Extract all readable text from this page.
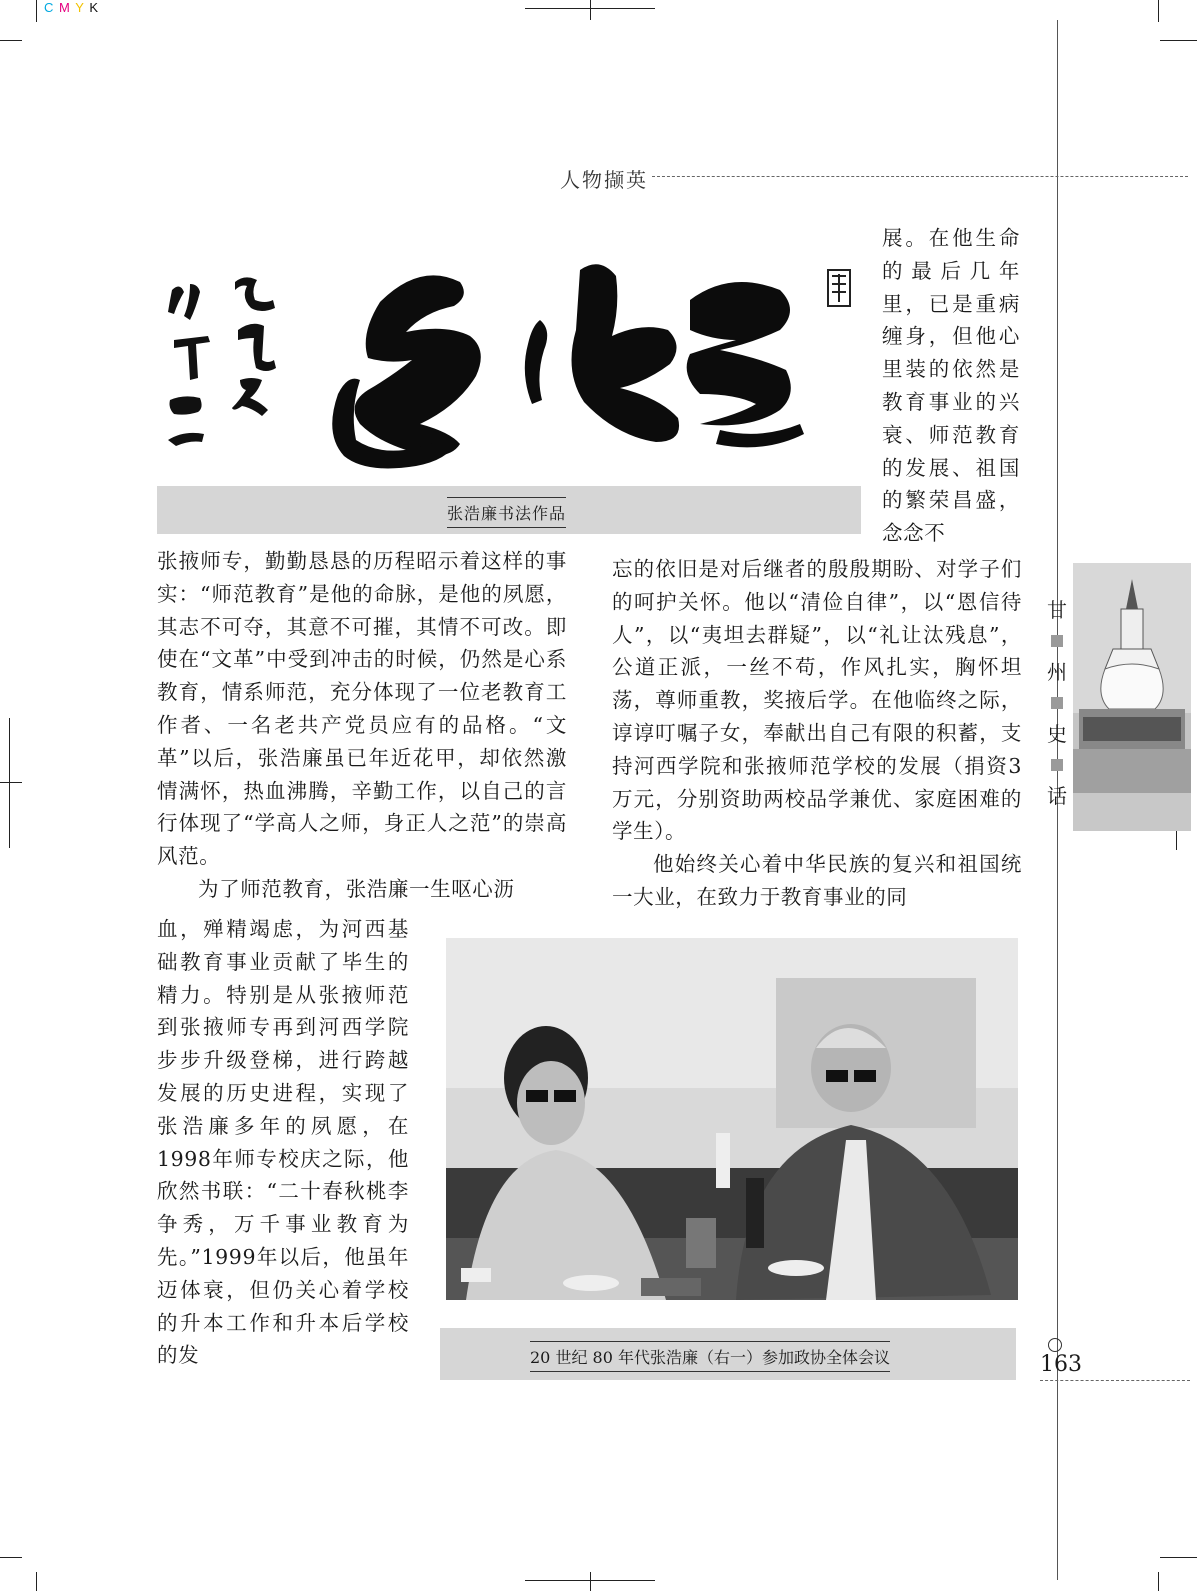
C M Y K
人物撷英
张浩廉书法作品
展。在他生命的最后几年里，已是重病缠身，但他心里装的依然是教育事业的兴衰、师范教育的发展、祖国的繁荣昌盛，念念不
张掖师专，勤勤恳恳的历程昭示着这样的事实：“师范教育”是他的命脉，是他的夙愿，其志不可夺，其意不可摧，其情不可改。即使在“文革”中受到冲击的时候，仍然是心系教育，情系师范，充分体现了一位老教育工作者、一名老共产党员应有的品格。“文革”以后，张浩廉虽已年近花甲，却依然激情满怀，热血沸腾，辛勤工作，以自己的言行体现了“学高人之师，身正人之范”的崇高风范。
为了师范教育，张浩廉一生呕心沥
血，殚精竭虑，为河西基础教育事业贡献了毕生的精力。特别是从张掖师范到张掖师专再到河西学院步步升级登梯，进行跨越发展的历史进程，实现了张浩廉多年的夙愿，在1998年师专校庆之际，他欣然书联：“二十春秋桃李争秀，万千事业教育为先。”1999年以后，他虽年迈体衰，但仍关心着学校的升本工作和升本后学校的发
忘的依旧是对后继者的殷殷期盼、对学子们的呵护关怀。他以“清俭自律”，以“恩信待人”，以“夷坦去群疑”，以“礼让汰残息”，公道正派，一丝不苟，作风扎实，胸怀坦荡，尊师重教，奖掖后学。在他临终之际，谆谆叮嘱子女，奉献出自己有限的积蓄，支持河西学院和张掖师范学校的发展（捐资3万元，分别资助两校品学兼优、家庭困难的学生）。
他始终关心着中华民族的复兴和祖国统一大业，在致力于教育事业的同
20 世纪 80 年代张浩廉（右一）参加政协全体会议
甘
州
史
话
163
